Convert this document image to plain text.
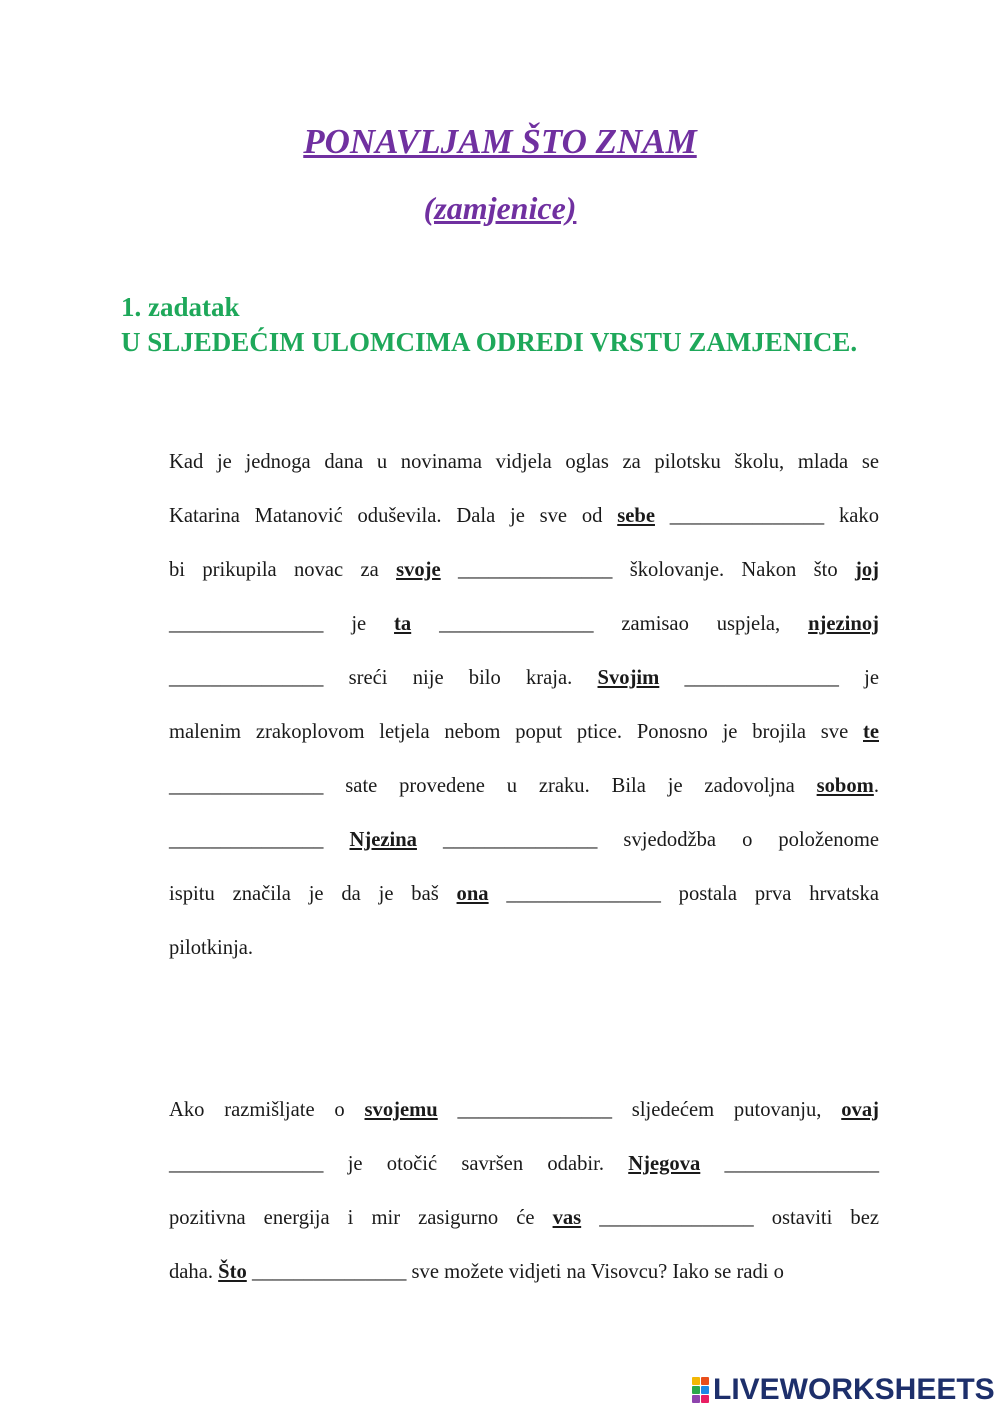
PONAVLJAM ŠTO ZNAM
(zamjenice)

1. zadatak

U SLJEDEĆIM ULOMCIMA ODREDI VRSTU ZAMJENICE.

Kad je jednoga dana u novinama vidjela oglas za pilotsku školu, mlada se
Katarina Matanović oduševila. Dala je sve od sebe _______________ kako
bi prikupila novac za svoje _______________ školovanje. Nakon što joj
_______________ je ta _______________ zamisao uspjela, njezinoj
_______________ sreći nije bilo kraja. Svojim _______________ je
malenim zrakoplovom letjela nebom poput ptice. Ponosno je brojila sve te
_______________ sate provedene u zraku. Bila je zadovoljna sobom.
_______________ Njezina _______________ svjedodžba o položenome
ispitu značila je da je baš ona _______________ postala prva hrvatska
pilotkinja.
Ako razmišljate o svojemu _______________ sljedećem putovanju, ovaj
_______________ je otočić savršen odabir. Njegova _______________
pozitivna energija i mir zasigurno će vas _______________ ostaviti bez
daha. Što _______________ sve možete vidjeti na Visovcu? Iako se radi o
LIVEWORKSHEETS
